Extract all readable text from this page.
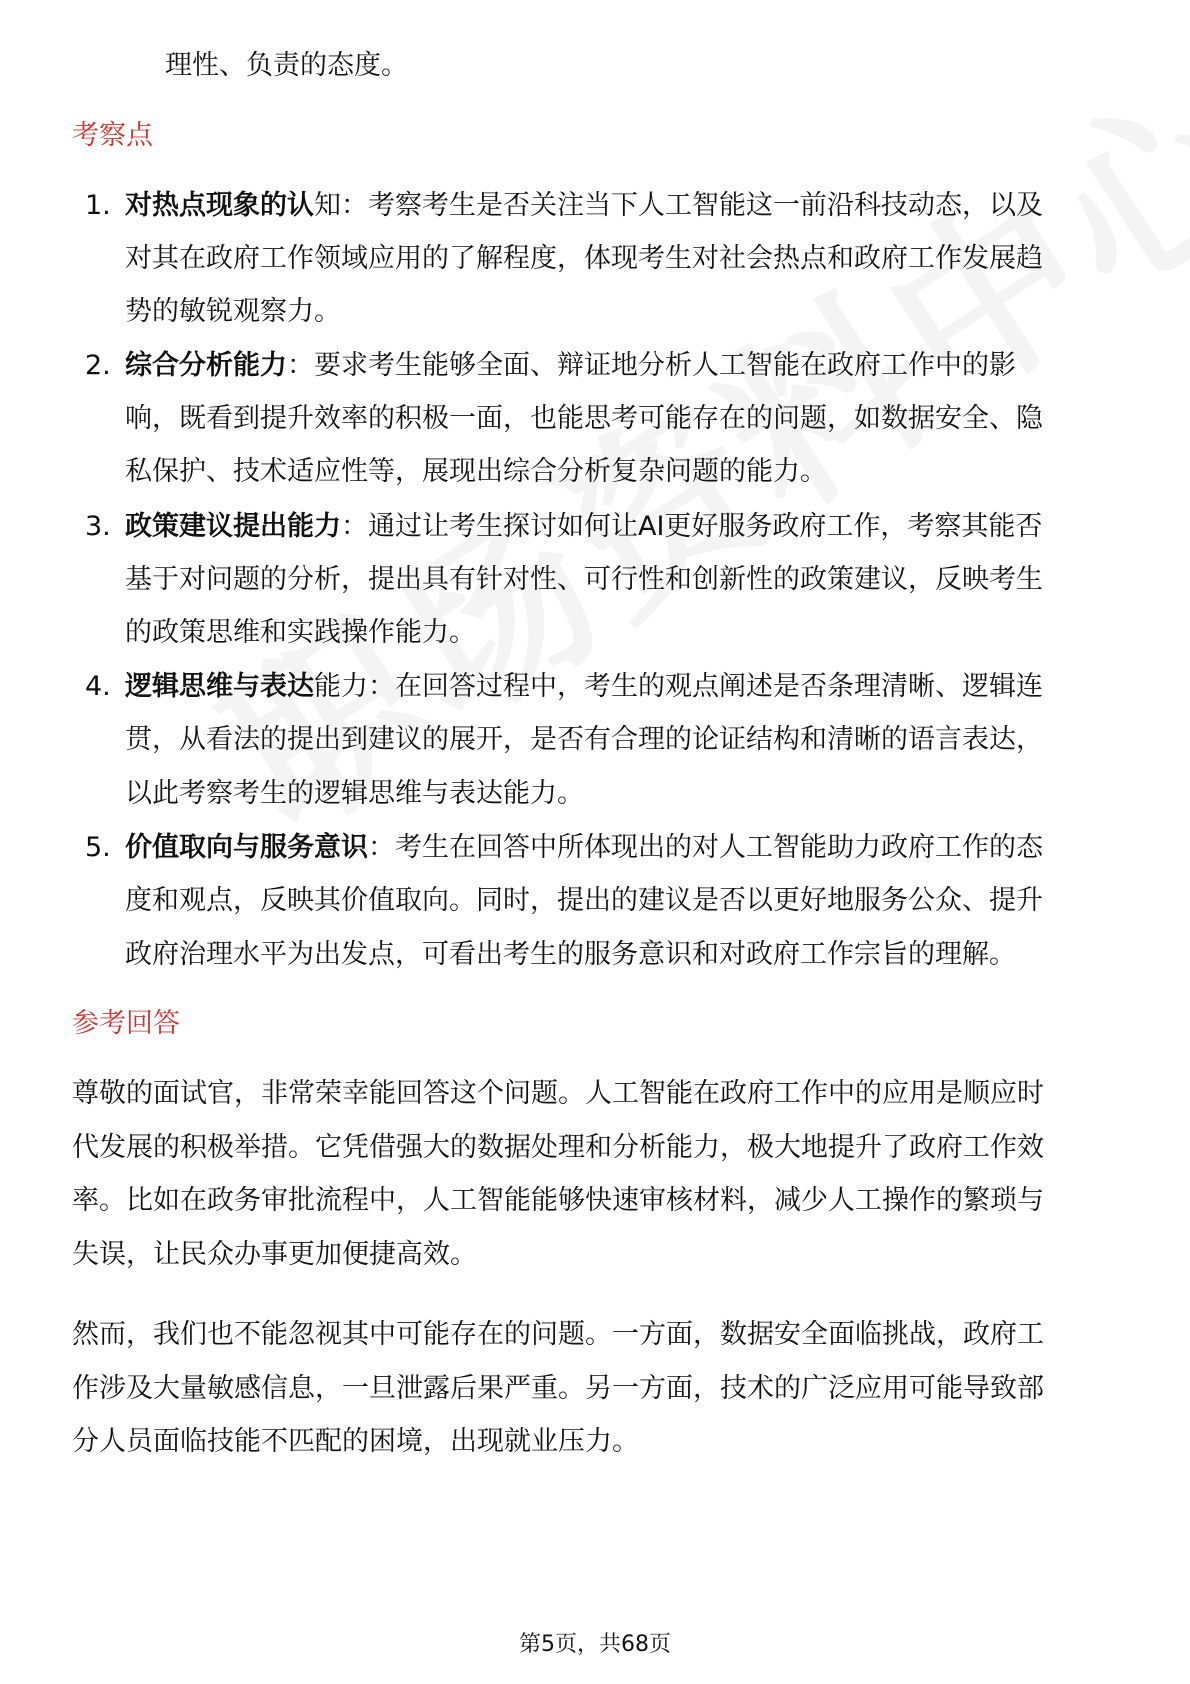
理性、负责的态度。
考察点
1. 对热点现象的认知：考察考生是否关注当下人工智能这一前沿科技动态，以及
对其在政府工作领域应用的了解程度，体现考生对社会热点和政府工作发展趋
势的敏锐观察力。
2. 综合分析能力：要求考生能够全面、辩证地分析人工智能在政府工作中的影
响，既看到提升效率的积极一面，也能思考可能存在的问题，如数据安全、隐
私保护、技术适应性等，展现出综合分析复杂问题的能力。
3. 政策建议提出能力：通过让考生探讨如何让AI更好服务政府工作，考察其能否
基于对问题的分析，提出具有针对性、可行性和创新性的政策建议，反映考生
的政策思维和实践操作能力。
4. 逻辑思维与表达能力：在回答过程中，考生的观点阐述是否条理清晰、逻辑连
贯，从看法的提出到建议的展开，是否有合理的论证结构和清晰的语言表达，
以此考察考生的逻辑思维与表达能力。
5. 价值取向与服务意识：考生在回答中所体现出的对人工智能助力政府工作的态
度和观点，反映其价值取向。同时，提出的建议是否以更好地服务公众、提升
政府治理水平为出发点，可看出考生的服务意识和对政府工作宗旨的理解。
参考回答
尊敬的面试官，非常荣幸能回答这个问题。人工智能在政府工作中的应用是顺应时
代发展的积极举措。它凭借强大的数据处理和分析能力，极大地提升了政府工作效
率。比如在政务审批流程中，人工智能能够快速审核材料，减少人工操作的繁琐与
失误，让民众办事更加便捷高效。
然而，我们也不能忽视其中可能存在的问题。一方面，数据安全面临挑战，政府工
作涉及大量敏感信息，一旦泄露后果严重。另一方面，技术的广泛应用可能导致部
分人员面临技能不匹配的困境，出现就业压力。
第5页，共68页
